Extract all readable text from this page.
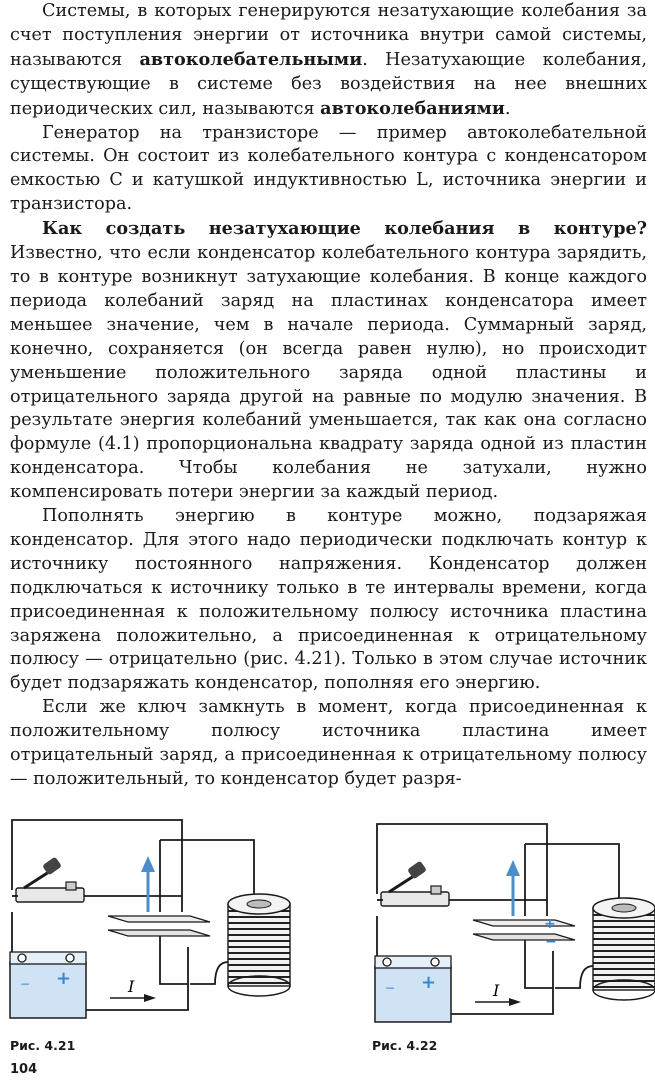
Системы, в которых генерируются незатухающие колебания за счет поступления энергии от источника внутри самой системы, называются автоколебательными. Незатухающие колебания, существующие в системе без воздействия на нее внешних периодических сил, называются автоколебаниями.

Генератор на транзисторе — пример автоколебательной системы. Он состоит из колебательного контура с конденсатором емкостью C и катушкой индуктивностью L, источника энергии и транзистора.

Как создать незатухающие колебания в контуре? Известно, что если конденсатор колебательного контура зарядить, то в контуре возникнут затухающие колебания. В конце каждого периода колебаний заряд на пластинах конденсатора имеет меньшее значение, чем в начале периода. Суммарный заряд, конечно, сохраняется (он всегда равен нулю), но происходит уменьшение положительного заряда одной пластины и отрицательного заряда другой на равные по модулю значения. В результате энергия колебаний уменьшается, так как она согласно формуле (4.1) пропорциональна квадрату заряда одной из пластин конденсатора. Чтобы колебания не затухали, нужно компенсировать потери энергии за каждый период.

Пополнять энергию в контуре можно, подзаряжая конденсатор. Для этого надо периодически подключать контур к источнику постоянного напряжения. Конденсатор должен подключаться к источнику только в те интервалы времени, когда присоединенная к положительному полюсу источника пластина заряжена положительно, а присоединенная к отрицательному полюсу — отрицательно (рис. 4.21). Только в этом случае источник будет подзаряжать конденсатор, пополняя его энергию.

Если же ключ замкнуть в момент, когда присоединенная к положительному полюсу источника пластина имеет отрицательный заряд, а присоединенная к отрицательному полюсу — положительный, то конденсатор будет разря-

+
−	I	+
−
+
−
I
Рис. 4.21	Рис. 4.22
104
